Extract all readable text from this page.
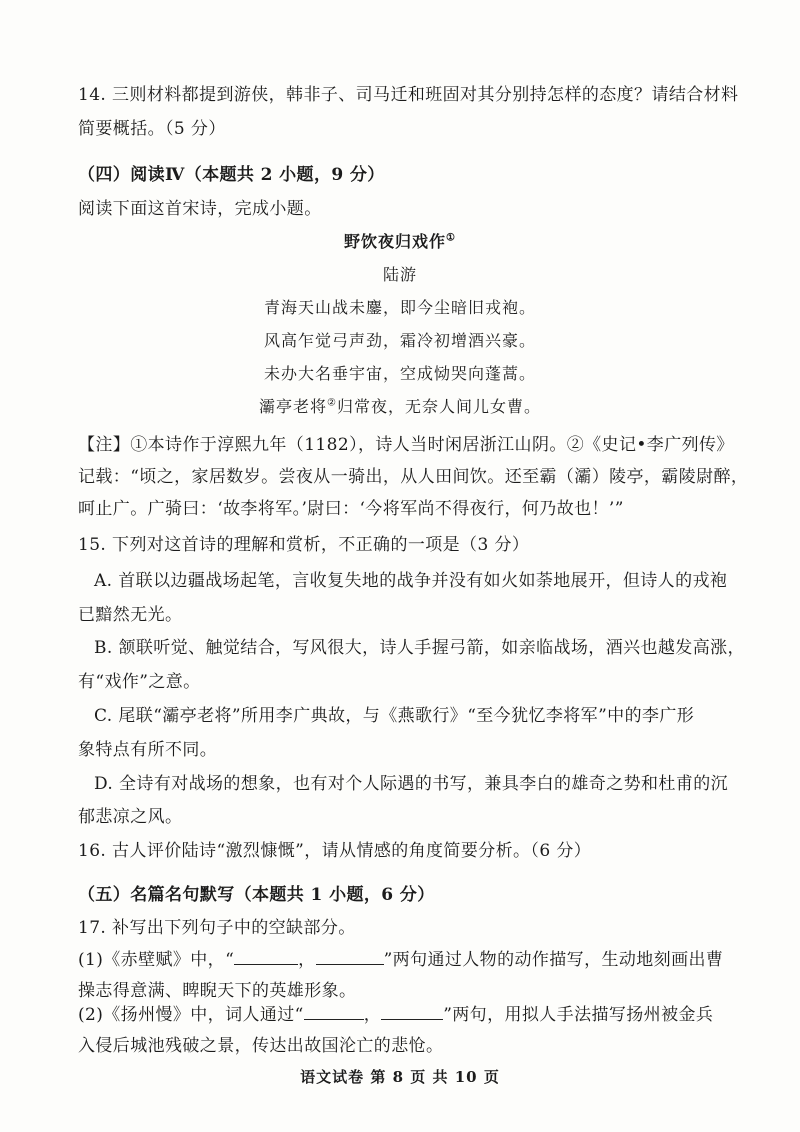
14. 三则材料都提到游侠，韩非子、司马迁和班固对其分别持怎样的态度？请结合材料
简要概括。（5 分）
（四）阅读Ⅳ（本题共 2 小题，9 分）
阅读下面这首宋诗，完成小题。
野饮夜归戏作①
陆游
青海天山战未鏖，即今尘暗旧戎袍。
风高乍觉弓声劲，霜冷初增酒兴豪。
未办大名垂宇宙，空成恸哭向蓬蒿。
灞亭老将②归常夜，无奈人间儿女曹。
【注】①本诗作于淳熙九年（1182），诗人当时闲居浙江山阴。②《史记•李广列传》
记载：“顷之，家居数岁。尝夜从一骑出，从人田间饮。还至霸（灞）陵亭，霸陵尉醉，
呵止广。广骑曰：‘故李将军。’尉曰：‘今将军尚不得夜行，何乃故也！’”
15. 下列对这首诗的理解和赏析，不正确的一项是（3 分）
A. 首联以边疆战场起笔，言收复失地的战争并没有如火如荼地展开，但诗人的戎袍
已黯然无光。
B. 颔联听觉、触觉结合，写风很大，诗人手握弓箭，如亲临战场，酒兴也越发高涨，
有“戏作”之意。
C. 尾联“灞亭老将”所用李广典故，与《燕歌行》“至今犹忆李将军”中的李广形
象特点有所不同。
D. 全诗有对战场的想象，也有对个人际遇的书写，兼具李白的雄奇之势和杜甫的沉
郁悲凉之风。
16. 古人评价陆诗“激烈慷慨”，请从情感的角度简要分析。（6 分）
（五）名篇名句默写（本题共 1 小题，6 分）
17. 补写出下列句子中的空缺部分。
(1)《赤壁赋》中，“	，	”两句通过人物的动作描写，生动地刻画出曹
操志得意满、睥睨天下的英雄形象。
(2)《扬州慢》中，词人通过“	，	”两句，用拟人手法描写扬州被金兵
入侵后城池残破之景，传达出故国沦亡的悲怆。
语文试卷 第 8 页 共 10 页
